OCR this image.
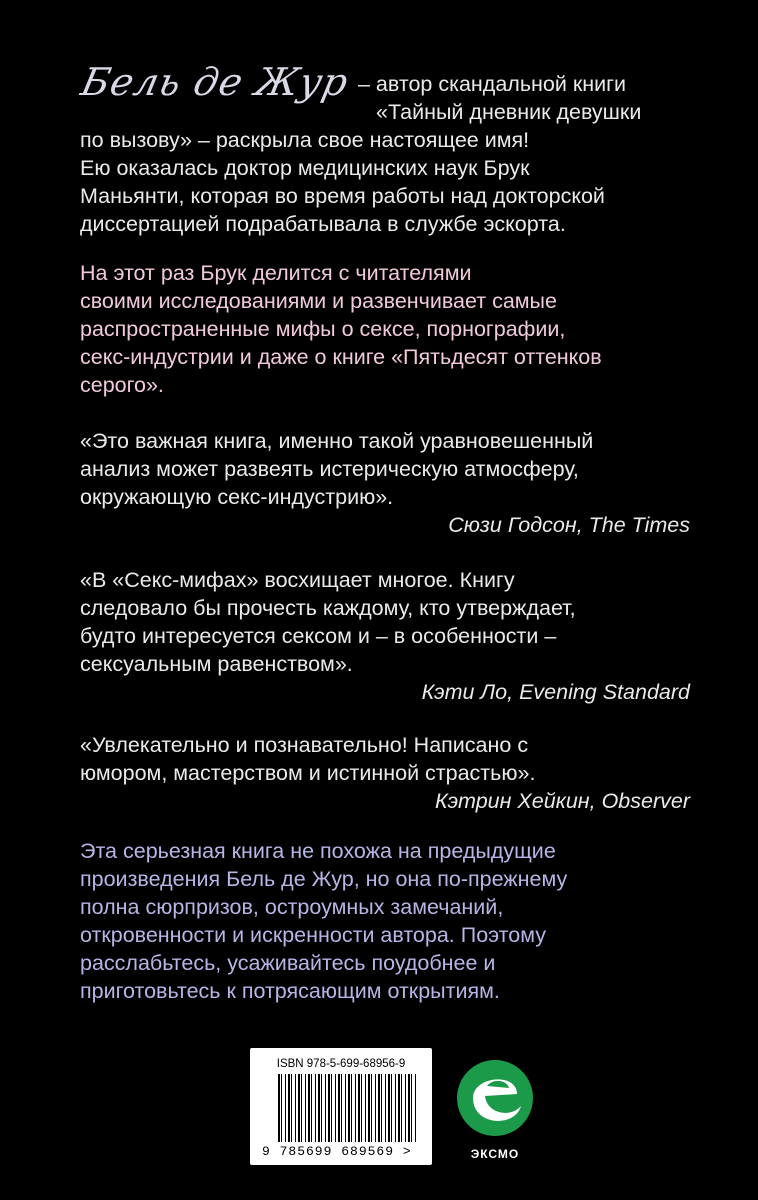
Бель де Жур – автор скандальной книги
«Тайный дневник девушки
по вызову» – раскрыла свое настоящее имя!
Ею оказалась доктор медицинских наук Брук
Маньянти, которая во время работы над докторской
диссертацией подрабатывала в службе эскорта.
На этот раз Брук делится с читателями
своими исследованиями и развенчивает самые
распространенные мифы о сексе, порнографии,
секс-индустрии и даже о книге «Пятьдесят оттенков
серого».
«Это важная книга, именно такой уравновешенный
анализ может развеять истерическую атмосферу,
окружающую секс-индустрию».
Сюзи Годсон, The Times
«В «Секс-мифах» восхищает многое. Книгу
следовало бы прочесть каждому, кто утверждает,
будто интересуется сексом и – в особенности –
сексуальным равенством».
Кэти Ло, Evening Standard
«Увлекательно и познавательно! Написано с
юмором, мастерством и истинной страстью».
Кэтрин Хейкин, Observer
Эта серьезная книга не похожа на предыдущие
произведения Бель де Жур, но она по-прежнему
полна сюрпризов, остроумных замечаний,
откровенности и искренности автора. Поэтому
расслабьтесь, усаживайтесь поудобнее и
приготовьтесь к потрясающим открытиям.
ISBN 978-5-699-68956-9
9 785699 689569 >	ЭКСМО
